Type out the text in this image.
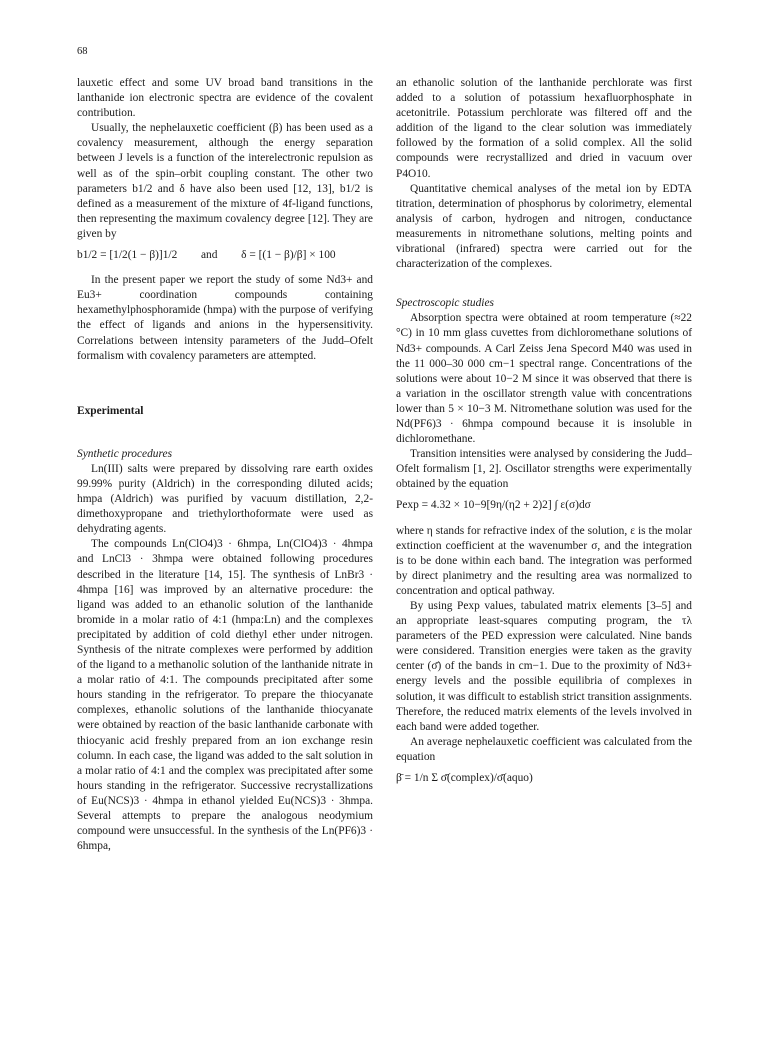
68

lauxetic effect and some UV broad band transitions in the lanthanide ion electronic spectra are evidence of the covalent contribution.

Usually, the nephelauxetic coefficient (β) has been used as a covalency measurement, although the energy separation between J levels is a function of the interelectronic repulsion as well as of the spin–orbit coupling constant. The other two parameters b1/2 and δ have also been used [12, 13], b1/2 is defined as a measurement of the mixture of 4f-ligand functions, then representing the maximum covalency degree [12]. They are given by

b1/2 = [1/2(1 − β)]1/2 and δ = [(1 − β)/β] × 100

In the present paper we report the study of some Nd3+ and Eu3+ coordination compounds containing hexamethylphosphoramide (hmpa) with the purpose of verifying the effect of ligands and anions in the hypersensitivity. Correlations between intensity parameters of the Judd–Ofelt formalism with covalency parameters are attempted.

Experimental

Synthetic procedures

Ln(III) salts were prepared by dissolving rare earth oxides 99.99% purity (Aldrich) in the corresponding diluted acids; hmpa (Aldrich) was purified by vacuum distillation, 2,2-dimethoxypropane and triethylorthoformate were used as dehydrating agents.

The compounds Ln(ClO4)3 · 6hmpa, Ln(ClO4)3 · 4hmpa and LnCl3 · 3hmpa were obtained following procedures described in the literature [14, 15]. The synthesis of LnBr3 · 4hmpa [16] was improved by an alternative procedure: the ligand was added to an ethanolic solution of the lanthanide bromide in a molar ratio of 4:1 (hmpa:Ln) and the complexes precipitated by addition of cold diethyl ether under nitrogen. Synthesis of the nitrate complexes were performed by addition of the ligand to a methanolic solution of the lanthanide nitrate in a molar ratio of 4:1. The compounds precipitated after some hours standing in the refrigerator. To prepare the thiocyanate complexes, ethanolic solutions of the lanthanide thiocyanate were obtained by reaction of the basic lanthanide carbonate with thiocyanic acid freshly prepared from an ion exchange resin column. In each case, the ligand was added to the salt solution in a molar ratio of 4:1 and the complex was precipitated after some hours standing in the refrigerator. Successive recrystallizations of Eu(NCS)3 · 4hmpa in ethanol yielded Eu(NCS)3 · 3hmpa. Several attempts to prepare the analogous neodymium compound were unsuccessful. In the synthesis of the Ln(PF6)3 · 6hmpa,

an ethanolic solution of the lanthanide perchlorate was first added to a solution of potassium hexafluorphosphate in acetonitrile. Potassium perchlorate was filtered off and the addition of the ligand to the clear solution was immediately followed by the formation of a solid complex. All the solid compounds were recrystallized and dried in vacuum over P4O10.

Quantitative chemical analyses of the metal ion by EDTA titration, determination of phosphorus by colorimetry, elemental analysis of carbon, hydrogen and nitrogen, conductance measurements in nitromethane solutions, melting points and vibrational (infrared) spectra were carried out for the characterization of the complexes.

Spectroscopic studies

Absorption spectra were obtained at room temperature (≈22 °C) in 10 mm glass cuvettes from dichloromethane solutions of Nd3+ compounds. A Carl Zeiss Jena Specord M40 was used in the 11 000–30 000 cm−1 spectral range. Concentrations of the solutions were about 10−2 M since it was observed that there is a variation in the oscillator strength value with concentrations lower than 5 × 10−3 M. Nitromethane solution was used for the Nd(PF6)3 · 6hmpa compound because it is insoluble in dichloromethane.

Transition intensities were analysed by considering the Judd–Ofelt formalism [1, 2]. Oscillator strengths were experimentally obtained by the equation

Pexp = 4.32 × 10−9[9η/(η2 + 2)2] ∫ ε(σ)dσ

where η stands for refractive index of the solution, ε is the molar extinction coefficient at the wavenumber σ, and the integration is to be done within each band. The integration was performed by direct planimetry and the resulting area was normalized to concentration and optical pathway.

By using Pexp values, tabulated matrix elements [3–5] and an appropriate least-squares computing program, the τλ parameters of the PED expression were calculated. Nine bands were considered. Transition energies were taken as the gravity center (σ̄) of the bands in cm−1. Due to the proximity of Nd3+ energy levels and the possible equilibria of complexes in solution, it was difficult to establish strict transition assignments. Therefore, the reduced matrix elements of the levels involved in each band were added together.

An average nephelauxetic coefficient was calculated from the equation

β̄ = 1/n Σ σ̄(complex)/σ̄(aquo)
